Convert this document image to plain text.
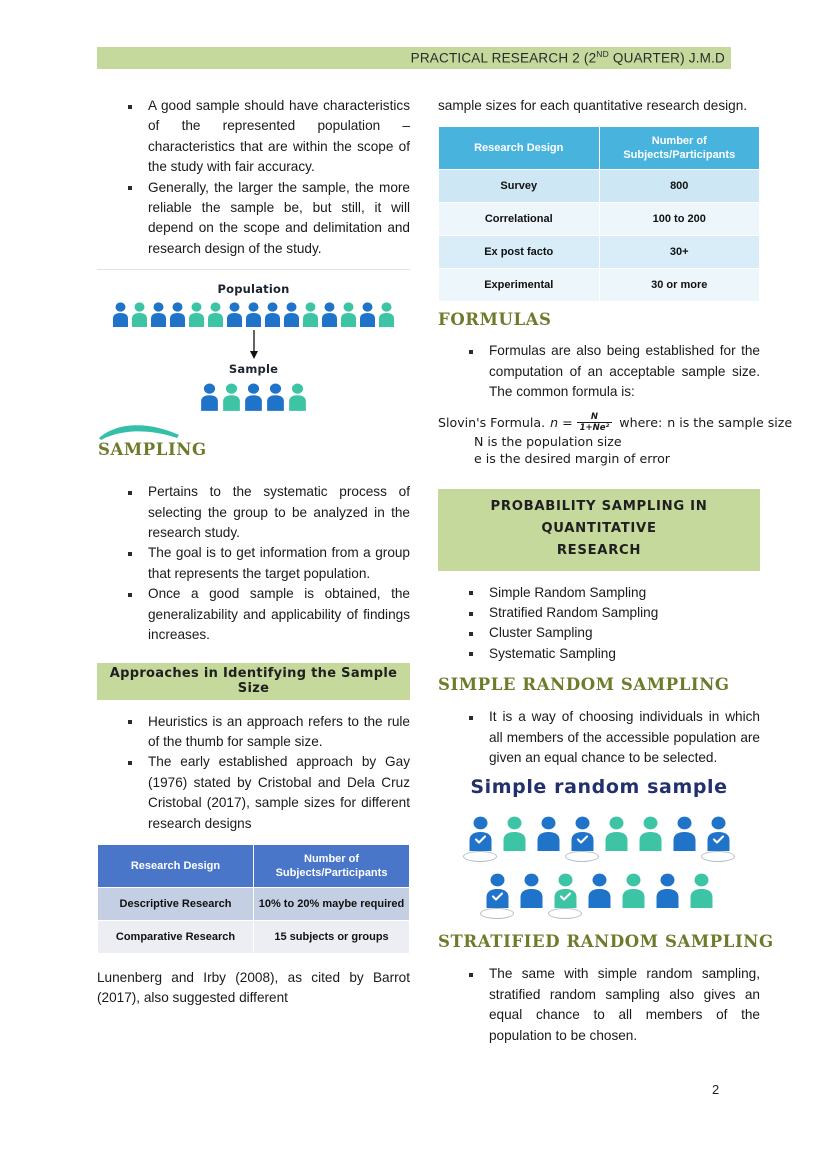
PRACTICAL RESEARCH 2 (2ND QUARTER) J.M.D
A good sample should have characteristics of the represented population – characteristics that are within the scope of the study with fair accuracy.
Generally, the larger the sample, the more reliable the sample be, but still, it will depend on the scope and delimitation and research design of the study.
Population
Sample
SAMPLING
Pertains to the systematic process of selecting the group to be analyzed in the research study.
The goal is to get information from a group that represents the target population.
Once a good sample is obtained, the generalizability and applicability of findings increases.
Approaches in Identifying the Sample Size
Heuristics is an approach refers to the rule of the thumb for sample size.
The early established approach by Gay (1976) stated by Cristobal and Dela Cruz Cristobal (2017), sample sizes for different research designs
Research Design	Number of
Subjects/Participants
Descriptive Research	10% to 20% maybe required
Comparative Research	15 subjects or groups

Lunenberg and Irby (2008), as cited by Barrot (2017), also suggested different

sample sizes for each quantitative research design.

Research Design	Number of
Subjects/Participants
Survey	800
Correlational	100 to 200
Ex post facto	30+
Experimental	30 or more
FORMULAS
Formulas are also being established for the computation of an acceptable sample size. The common formula is:
Slovin's Formula. $n = \frac{N}{\text{1+Ne²}}$ where: n is the sample size
N is the population size
e is the desired margin of error
PROBABILITY SAMPLING IN QUANTITATIVE
RESEARCH
Simple Random Sampling
Stratified Random Sampling
Cluster Sampling
Systematic Sampling
SIMPLE RANDOM SAMPLING
It is a way of choosing individuals in which all members of the accessible population are given an equal chance to be selected.
Simple random sample
STRATIFIED RANDOM SAMPLING
The same with simple random sampling, stratified random sampling also gives an equal chance to all members of the population to be chosen.
2
